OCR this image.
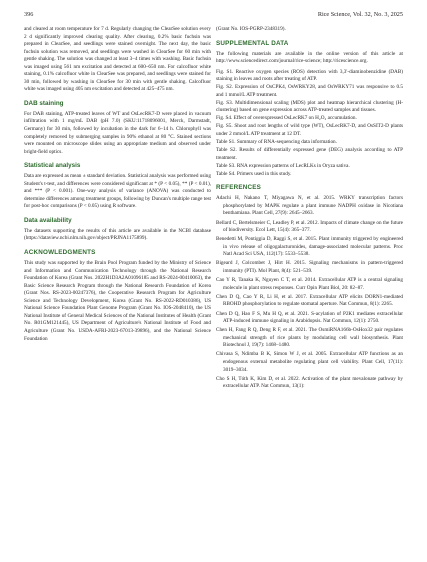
396	Rice Science, Vol. 32, No. 3, 2025

and cleared at room temperature for 7 d. Regularly changing the ClearSee solution every 2 d significantly improved clearing quality. After clearing, 0.2% basic fuchsin was prepared in ClearSee, and seedlings were stained overnight. The next day, the basic fuchsin solution was removed, and seedlings were washed in ClearSee for 60 min with gentle shaking. The solution was changed at least 3–4 times with washing. Basic fuchsin was imaged using 561 nm excitation and detected at 600–650 nm. For calcofluor white staining, 0.1% calcofluor white in ClearSee was prepared, and seedlings were stained for 30 min, followed by washing in ClearSee for 30 min with gentle shaking. Calcofluor white was imaged using 405 nm excitation and detected at 425–475 nm.

DAB staining

For DAB staining, ATP-treated leaves of WT and OsLecRK7-D were placed in vacuum infiltration with 1 mg/mL DAB (pH 7.0) (SKU:11718096001, Merck, Darmstadt, Germany) for 30 min, followed by incubation in the dark for 6–14 h. Chlorophyll was completely removed by submerging samples in 90% ethanol at 80 °C. Stained sections were mounted on microscope slides using an appropriate medium and observed under bright-field optics.

Statistical analysis

Data are expressed as mean ± standard deviation. Statistical analysis was performed using Student's t-test, and differences were considered significant at * (P < 0.05), ** (P < 0.01), and *** (P < 0.001). One-way analysis of variance (ANOVA) was conducted to determine differences among treatment groups, following by Duncan's multiple range test for post-hoc comparisons (P < 0.05) using R software.

Data availability

The datasets supporting the results of this article are available in the NCBI database (https://dataview.ncbi.nlm.nih.gov/object/PRJNA1175899).

ACKNOWLEDGMENTS

This study was supported by the Brain Pool Program funded by the Ministry of Science and Information and Communication Technology through the National Research Foundation of Korea (Grant Nos. 2022H1D3A2A01096185 and RS-2024-00410063), the Basic Science Research Program through the National Research Foundation of Korea (Grant Nos. RS-2023-00247376), the Cooperative Research Program for Agriculture Science and Technology Development, Korea (Grant No. RS-2022-RD010386), US National Science Foundation Plant Genome Program (Grant No. IOS-2048410), the US National Institute of General Medical Sciences of the National Institutes of Health (Grant No. R01GM121445), US Department of Agriculture's National Institute of Food and Agriculture (Grant No. USDA-AFRI-2023-67013-39896), and the National Science Foundation

(Grant No. IOS-PGRP-2348319).

SUPPLEMENTAL DATA

The following materials are available in the online version of this article at http://www.sciencedirect.com/journal/rice-science; http://ricescience.org.

Fig. S1. Reactive oxygen species (ROS) detection with 3,3'-diaminobenzidine (DAB) staining in leaves and roots after treating of ATP.

Fig. S2. Expression of OsCPK4, OsWRKY28, and OsWRKY71 was responsive to 0.5 and 1 mmol/L ATP treatment.

Fig. S3. Multidimensional scaling (MDS) plot and heatmap hierarchical clustering (H-clustering) based on gene expression across ATP-treated samples and tissues.

Fig. S4. Effect of overexpressed OsLecRK7 on H₂O₂ accumulation.

Fig. S5. Shoot and root lengths of wild type (WT), OsLecRK7-D, and OsSIT2-D plants under 2 mmol/L ATP treatment at 12 DT.

Table S1. Summary of RNA-sequencing data information.

Table S2. Results of differentially expressed gene (DEG) analysis according to ATP treatment.

Table S3. RNA expression patterns of LecRLKs in Oryza sativa.

Table S4. Primers used in this study.

REFERENCES

Adachi H, Nakano T, Miyagawa N, et al. 2015. WRKY transcription factors phosphorylated by MAPK regulate a plant immune NADPH oxidase in Nicotiana benthamiana. Plant Cell, 27(9): 2645–2663.

Bellard C, Bertelsmeier C, Leadley P, et al. 2012. Impacts of climate change on the future of biodiversity. Ecol Lett, 15(4): 365–377.

Benedetti M, Pontiggia D, Raggi S, et al. 2015. Plant immunity triggered by engineered in vivo release of oligogalacturonides, damage-associated molecular patterns. Proc Natl Acad Sci USA, 112(17): 5533–5538.

Bigeard J, Colcombet J, Hirt H. 2015. Signaling mechanisms in pattern-triggered immunity (PTI). Mol Plant, 8(4): 521–539.

Cao Y R, Tanaka K, Nguyen C T, et al. 2014. Extracellular ATP is a central signaling molecule in plant stress responses. Curr Opin Plant Biol, 20: 82–87.

Chen D Q, Cao Y R, Li H, et al. 2017. Extracellular ATP elicits DORN1-mediated RBOHD phosphorylation to regulate stomatal aperture. Nat Commun, 8(1): 2265.

Chen D Q, Hao F S, Mu H Q, et al. 2021. S-acylation of P2K1 mediates extracellular ATP-induced immune signaling in Arabidopsis. Nat Commun, 12(1): 2750.

Chen H, Fang R Q, Deng R F, et al. 2021. The OsmiRNA166b-OsHox32 pair regulates mechanical strength of rice plants by modulating cell wall biosynthesis. Plant Biotechnol J, 19(7): 1468–1480.

Chivasa S, Ndimba B K, Simon W J, et al. 2005. Extracellular ATP functions as an endogenous external metabolite regulating plant cell viability. Plant Cell, 17(11): 3019–3034.

Cho S H, Tóth K, Kim D, et al. 2022. Activation of the plant mevalonate pathway by extracellular ATP. Nat Commun, 13(1):
